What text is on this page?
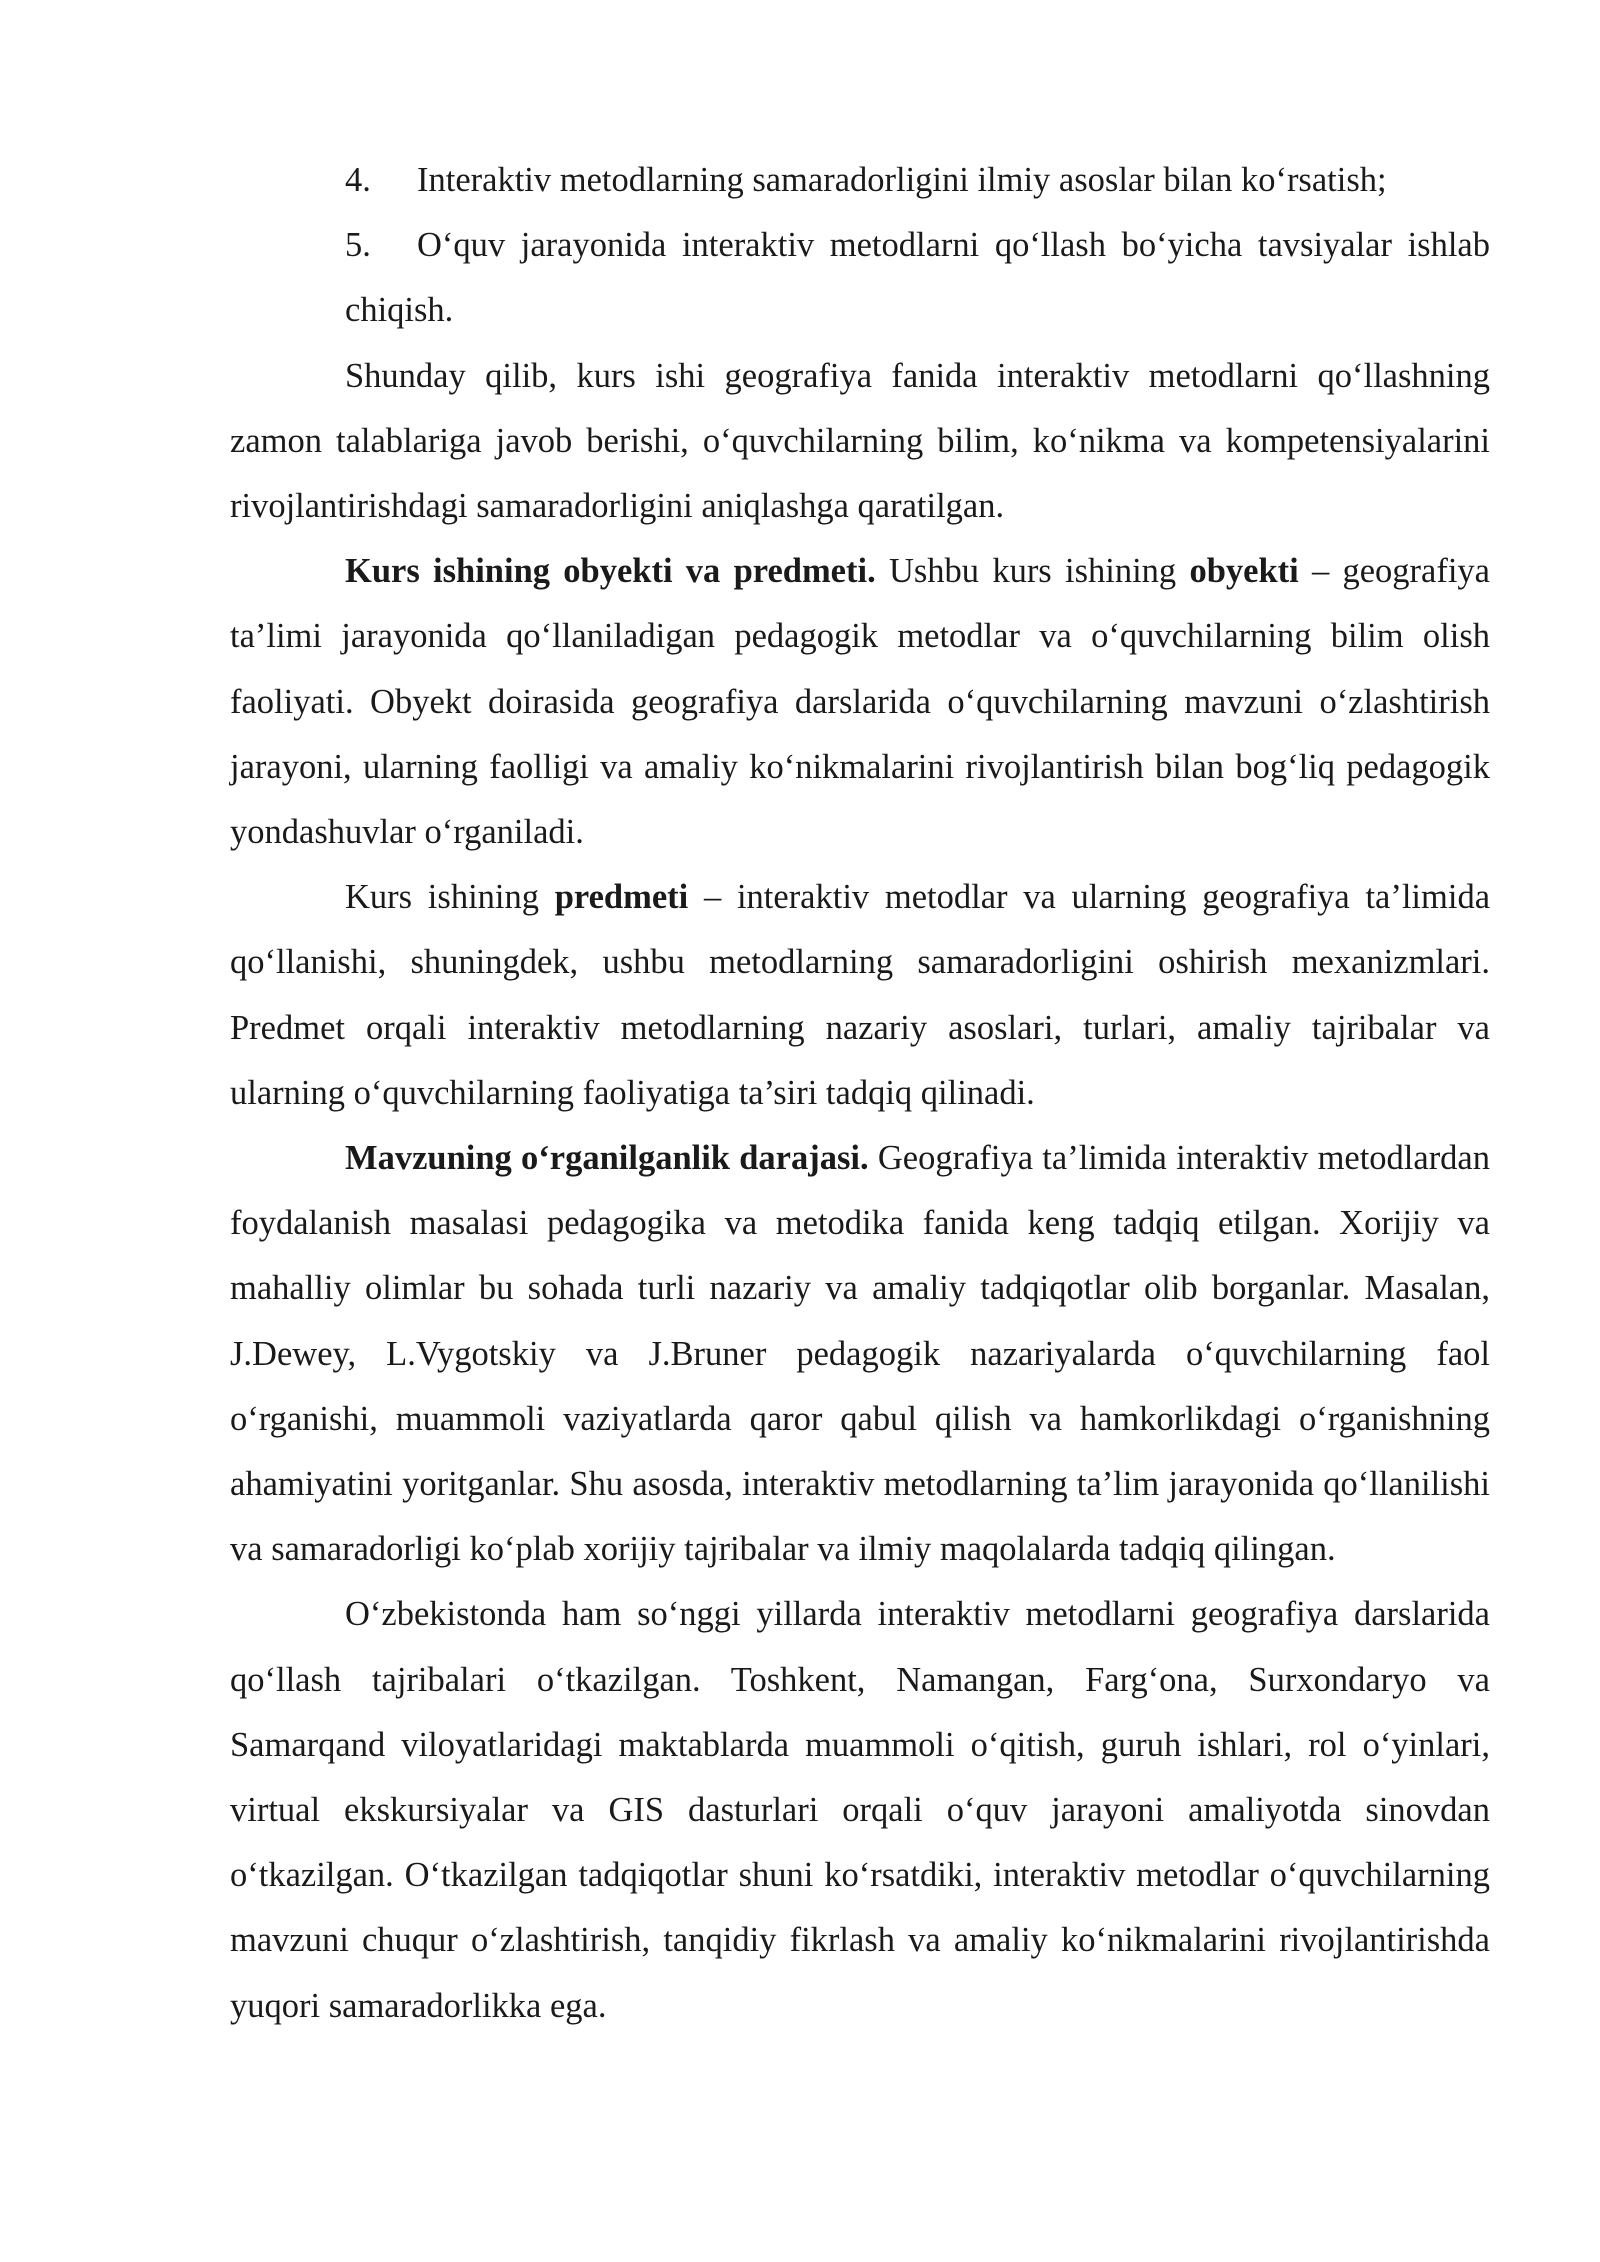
4.	Interaktiv metodlarning samaradorligini ilmiy asoslar bilan ko‘rsatish;

5. O‘quv jarayonida interaktiv metodlarni qo‘llash bo‘yicha tavsiyalar ishlab chiqish.

Shunday qilib, kurs ishi geografiya fanida interaktiv metodlarni qo‘llashning zamon talablariga javob berishi, o‘quvchilarning bilim, ko‘nikma va kompetensiyalarini rivojlantirishdagi samaradorligini aniqlashga qaratilgan.

Kurs ishining obyekti va predmeti. Ushbu kurs ishining obyekti – geografiya ta’limi jarayonida qo‘llaniladigan pedagogik metodlar va o‘quvchilarning bilim olish faoliyati. Obyekt doirasida geografiya darslarida o‘quvchilarning mavzuni o‘zlashtirish jarayoni, ularning faolligi va amaliy ko‘nikmalarini rivojlantirish bilan bog‘liq pedagogik yondashuvlar o‘rganiladi.

Kurs ishining predmeti – interaktiv metodlar va ularning geografiya ta’limida qo‘llanishi, shuningdek, ushbu metodlarning samaradorligini oshirish mexanizmlari. Predmet orqali interaktiv metodlarning nazariy asoslari, turlari, amaliy tajribalar va ularning o‘quvchilarning faoliyatiga ta’siri tadqiq qilinadi.

Mavzuning o‘rganilganlik darajasi. Geografiya ta’limida interaktiv metodlardan foydalanish masalasi pedagogika va metodika fanida keng tadqiq etilgan. Xorijiy va mahalliy olimlar bu sohada turli nazariy va amaliy tadqiqotlar olib borganlar. Masalan, J.Dewey, L.Vygotskiy va J.Bruner pedagogik nazariyalarda o‘quvchilarning faol o‘rganishi, muammoli vaziyatlarda qaror qabul qilish va hamkorlikdagi o‘rganishning ahamiyatini yoritganlar. Shu asosda, interaktiv metodlarning ta’lim jarayonida qo‘llanilishi va samaradorligi ko‘plab xorijiy tajribalar va ilmiy maqolalarda tadqiq qilingan.

O‘zbekistonda ham so‘nggi yillarda interaktiv metodlarni geografiya darslarida qo‘llash tajribalari o‘tkazilgan. Toshkent, Namangan, Farg‘ona, Surxondaryo va Samarqand viloyatlaridagi maktablarda muammoli o‘qitish, guruh ishlari, rol o‘yinlari, virtual ekskursiyalar va GIS dasturlari orqali o‘quv jarayoni amaliyotda sinovdan o‘tkazilgan. O‘tkazilgan tadqiqotlar shuni ko‘rsatdiki, interaktiv metodlar o‘quvchilarning mavzuni chuqur o‘zlashtirish, tanqidiy fikrlash va amaliy ko‘nikmalarini rivojlantirishda yuqori samaradorlikka ega.
